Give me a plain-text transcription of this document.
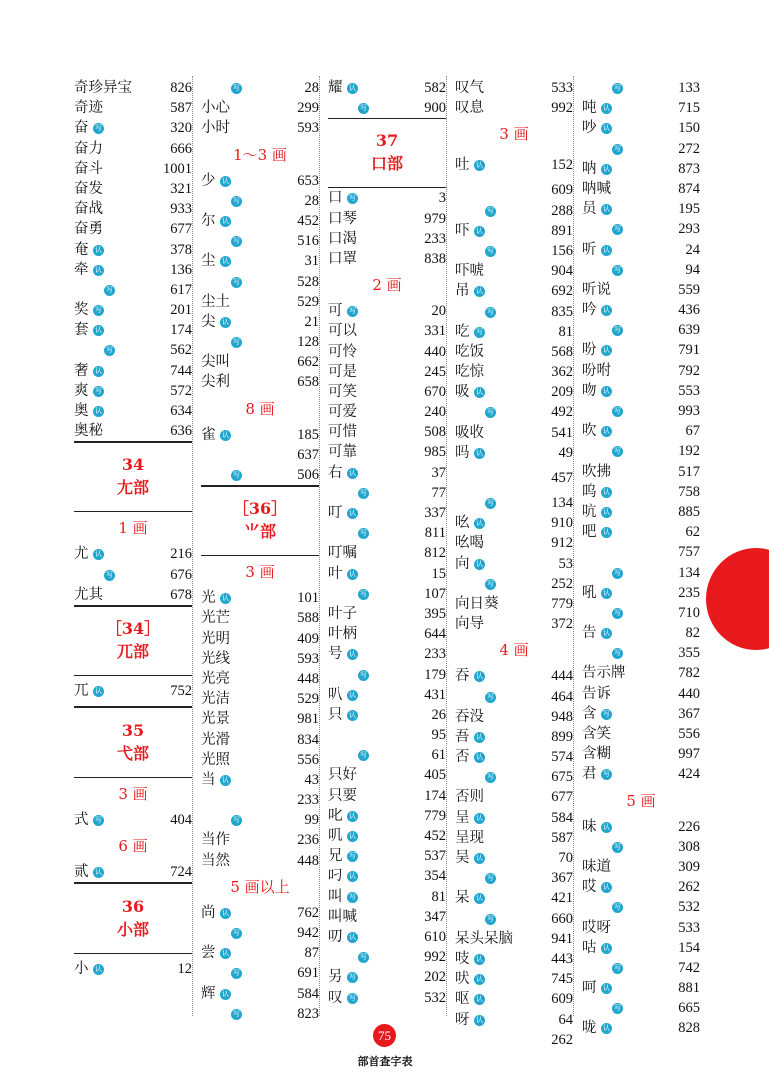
奇珍异宝	826
奇迹	587
奋 写	320
奋力	666
奋斗	1001
奋发	321
奋战	933
奋勇	677
奄 认	378
牵 认	136
写	617
奖 写	201
套 认	174
写	562
奢 认	744
爽 写	572
奥 认	634
奥秘	636
34
尢部
1 画
尤 认	216
写	676
尤其	678
［34］
兀部
兀 认	752
35
弋部
3 画
式 写	404
6 画
贰 认	724
36
小部
小 认	12
写	28
小心	299
小时	593
1～3 画
少 认	653
写	28
尔 认	452
写	516
尘 认	31
写	528
尘土	529
尖 认	21
写	128
尖叫	662
尖利	658
8 画
雀 认	185
637
写	506
［36］
⺌部
3 画
光 认	101
光芒	588
光明	409
光线	593
光亮	448
光洁	529
光景	981
光滑	834
光照	556
当 认	43
233
写	99
当作	236
当然	448
5 画以上
尚 认	762
写	942
尝 认	87
写	691
辉 认	584
写	823
耀 认	582
写	900
37
口部
口 写	3
口琴	979
口渴	233
口罩	838
2 画
可 写	20
可以	331
可怜	440
可是	245
可笑	670
可爱	240
可惜	508
可靠	985
右 认	37
写	77
叮 认	337
写	811
叮嘱	812
叶 认	15
写	107
叶子	395
叶柄	644
号 认	233
写	179
叭 认	431
只 认	26
95
写	61
只好	405
只要	174
叱 认	779
叽 认	452
兄 写	537
叼 认	354
叫 写	81
叫喊	347
叨 认	610
写	992
另 写	202
叹 写	532
叹气	533
叹息	992
3 画
吐 认	152
609
写	288
吓 认	891
写	156
吓唬	904
吊 认	692
写	835
吃 写	81
吃饭	568
吃惊	362
吸 认	209
写	492
吸收	541
吗 认	49
457
写	134
吆 认	910
吆喝	912
向 认	53
写	252
向日葵	779
向导	372
4 画
吞 认	444
写	464
吞没	948
吾 认	899
否 认	574
写	675
否则	677
呈 认	584
呈现	587
吴 认	70
写	367
呆 认	421
写	660
呆头呆脑	941
吱 认	443
吠 认	745
呕 认	609
呀 认	64
262
写	133
吨 认	715
吵 认	150
写	272
呐 认	873
呐喊	874
员 认	195
写	293
听 认	24
写	94
听说	559
吟 认	436
写	639
吩 认	791
吩咐	792
吻 认	553
写	993
吹 认	67
写	192
吹拂	517
呜 认	758
吭 认	885
吧 认	62
757
写	134
吼 认	235
写	710
告 认	82
写	355
告示牌	782
告诉	440
含 写	367
含笑	556
含糊	997
君 写	424
5 画
味 认	226
写	308
味道	309
哎 认	262
写	532
哎呀	533
咕 认	154
写	742
呵 认	881
写	665
咙 认	828
75
部首查字表
